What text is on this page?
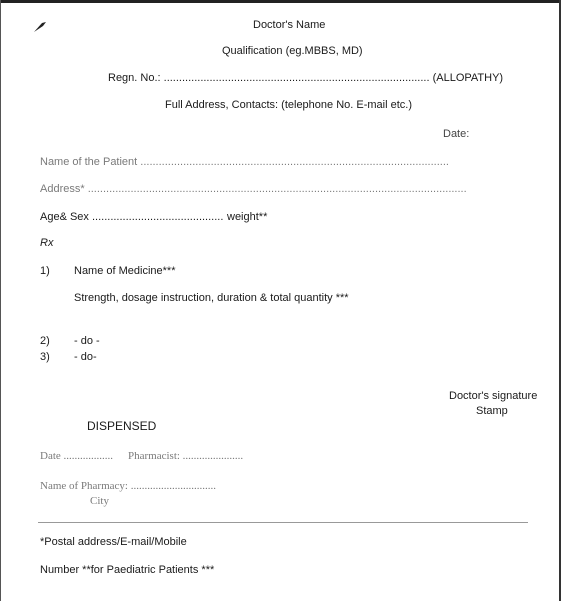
Doctor's Name
Qualification (eg.MBBS, MD)
Regn. No.: ....................................................................................... (ALLOPATHY)
Full Address, Contacts: (telephone No. E-mail etc.)
Date:
Name of the Patient .....................................................................................................
Address* ............................................................................................................................
Age& Sex ........................................... weight**
Rx
1) Name of Medicine***
Strength, dosage instruction, duration & total quantity ***
2) - do -
3) - do-
Doctor's signature
Stamp
DISPENSED
Date .................. Pharmacist: ......................
Name of Pharmacy: ...............................
City
*Postal address/E-mail/Mobile
Number **for Paediatric Patients ***
